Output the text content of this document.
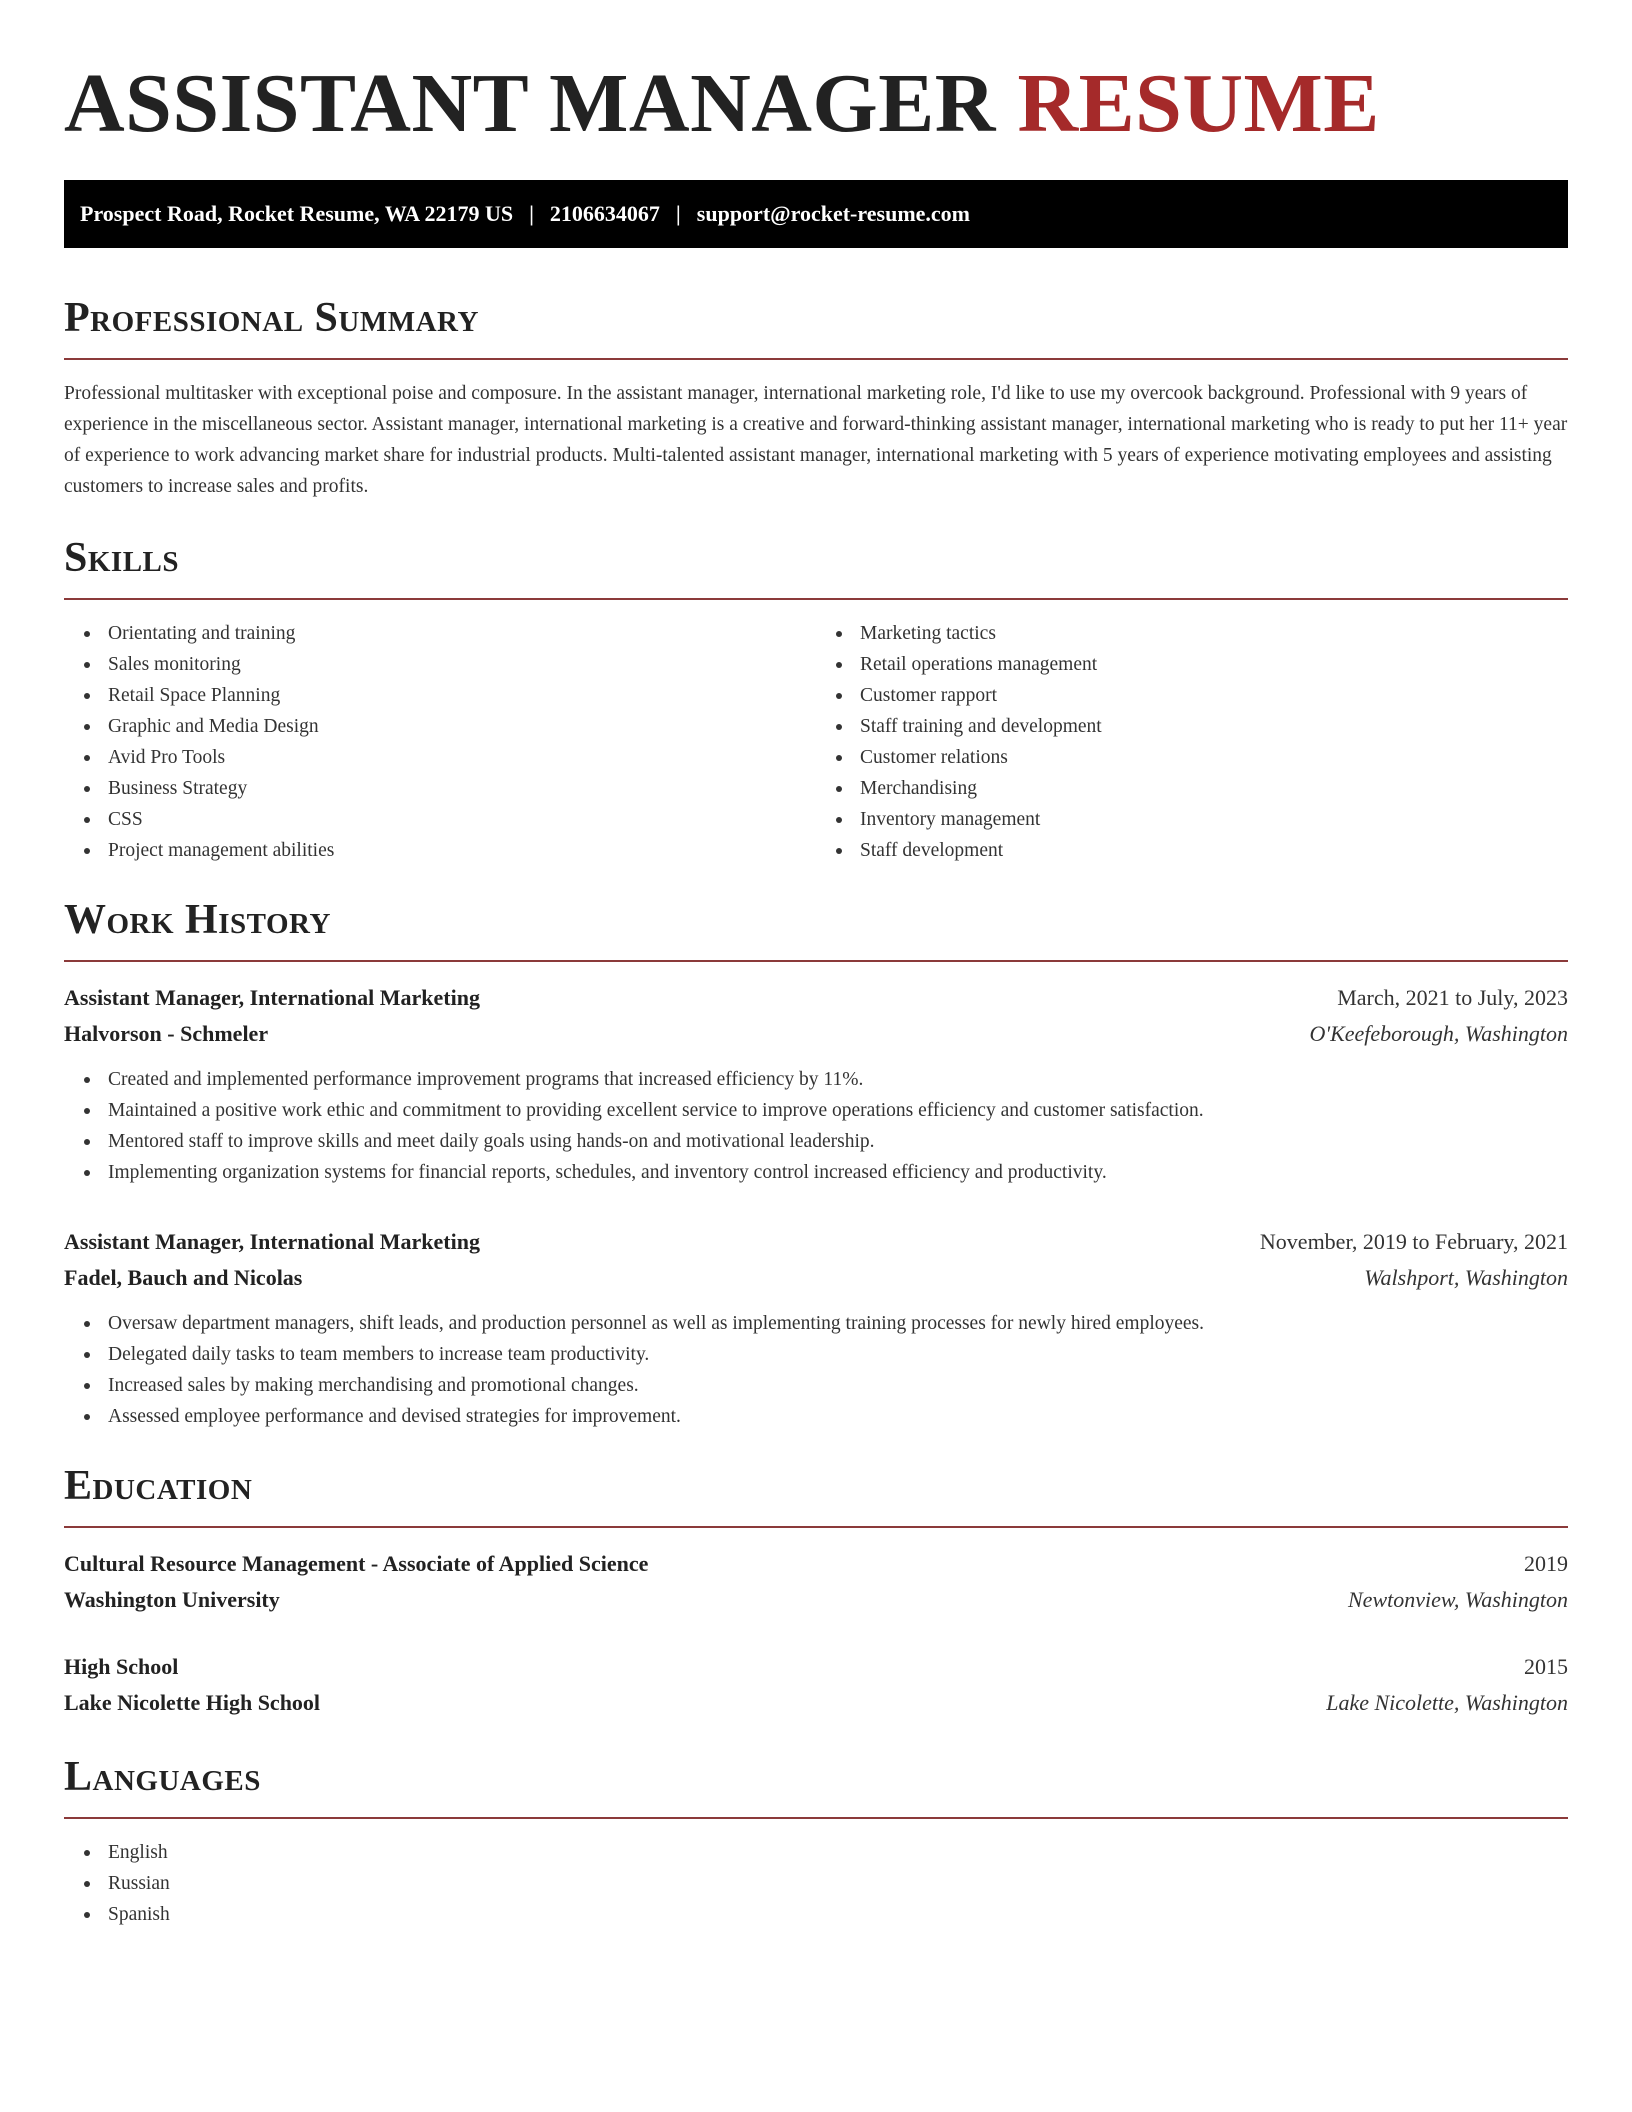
ASSISTANT MANAGER RESUME
Prospect Road, Rocket Resume, WA 22179 US | 2106634067 | support@rocket-resume.com
Professional Summary

Professional multitasker with exceptional poise and composure. In the assistant manager, international marketing role, I'd like to use my overcook background. Professional with 9 years of experience in the miscellaneous sector. Assistant manager, international marketing is a creative and forward-thinking assistant manager, international marketing who is ready to put her 11+ year of experience to work advancing market share for industrial products. Multi-talented assistant manager, international marketing with 5 years of experience motivating employees and assisting customers to increase sales and profits.

Skills
Orientating and training
Sales monitoring
Retail Space Planning
Graphic and Media Design
Avid Pro Tools
Business Strategy
CSS
Project management abilities
Marketing tactics
Retail operations management
Customer rapport
Staff training and development
Customer relations
Merchandising
Inventory management
Staff development
Work History
Assistant Manager, International Marketing	March, 2021 to July, 2023
Halvorson - Schmeler	O'Keefeborough, Washington
Created and implemented performance improvement programs that increased efficiency by 11%.
Maintained a positive work ethic and commitment to providing excellent service to improve operations efficiency and customer satisfaction.
Mentored staff to improve skills and meet daily goals using hands-on and motivational leadership.
Implementing organization systems for financial reports, schedules, and inventory control increased efficiency and productivity.
Assistant Manager, International Marketing	November, 2019 to February, 2021
Fadel, Bauch and Nicolas	Walshport, Washington
Oversaw department managers, shift leads, and production personnel as well as implementing training processes for newly hired employees.
Delegated daily tasks to team members to increase team productivity.
Increased sales by making merchandising and promotional changes.
Assessed employee performance and devised strategies for improvement.
Education
Cultural Resource Management - Associate of Applied Science	2019
Washington University	Newtonview, Washington
High School	2015
Lake Nicolette High School	Lake Nicolette, Washington
Languages
English
Russian
Spanish
